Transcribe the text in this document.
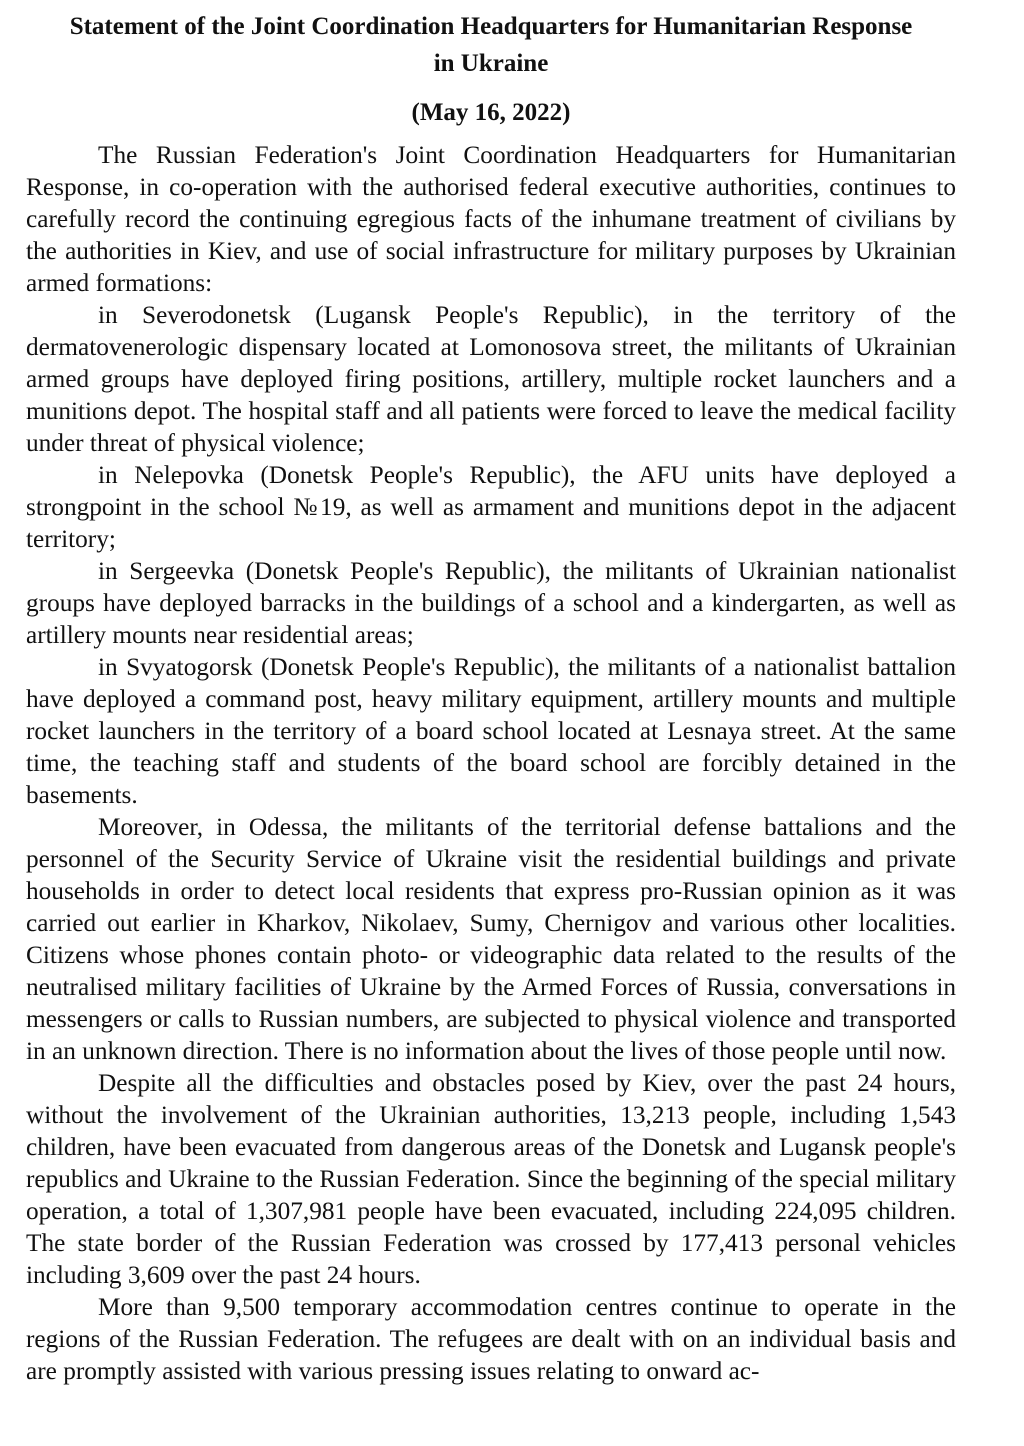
Statement of the Joint Coordination Headquarters for Humanitarian Response in Ukraine
(May 16, 2022)

The Russian Federation's Joint Coordination Headquarters for Humanitarian Response, in co-operation with the authorised federal executive authorities, continues to carefully record the continuing egregious facts of the inhumane treatment of civilians by the authorities in Kiev, and use of social infrastructure for military purposes by Ukrainian armed formations:

in Severodonetsk (Lugansk People's Republic), in the territory of the dermatovenerologic dispensary located at Lomonosova street, the militants of Ukrainian armed groups have deployed firing positions, artillery, multiple rocket launchers and a munitions depot. The hospital staff and all patients were forced to leave the medical facility under threat of physical violence;

in Nelepovka (Donetsk People's Republic), the AFU units have deployed a strongpoint in the school №19, as well as armament and munitions depot in the adjacent territory;

in Sergeevka (Donetsk People's Republic), the militants of Ukrainian nationalist groups have deployed barracks in the buildings of a school and a kindergarten, as well as artillery mounts near residential areas;

in Svyatogorsk (Donetsk People's Republic), the militants of a nationalist battalion have deployed a command post, heavy military equipment, artillery mounts and multiple rocket launchers in the territory of a board school located at Lesnaya street. At the same time, the teaching staff and students of the board school are forcibly detained in the basements.

Moreover, in Odessa, the militants of the territorial defense battalions and the personnel of the Security Service of Ukraine visit the residential buildings and private households in order to detect local residents that express pro-Russian opinion as it was carried out earlier in Kharkov, Nikolaev, Sumy, Chernigov and various other localities. Citizens whose phones contain photo- or videographic data related to the results of the neutralised military facilities of Ukraine by the Armed Forces of Russia, conversations in messengers or calls to Russian numbers, are subjected to physical violence and transported in an unknown direction. There is no information about the lives of those people until now.

Despite all the difficulties and obstacles posed by Kiev, over the past 24 hours, without the involvement of the Ukrainian authorities, 13,213 people, including 1,543 children, have been evacuated from dangerous areas of the Donetsk and Lugansk people's republics and Ukraine to the Russian Federation. Since the beginning of the special military operation, a total of 1,307,981 people have been evacuated, including 224,095 children. The state border of the Russian Federation was crossed by 177,413 personal vehicles including 3,609 over the past 24 hours.

More than 9,500 temporary accommodation centres continue to operate in the regions of the Russian Federation. The refugees are dealt with on an individual basis and are promptly assisted with various pressing issues relating to onward ac-
